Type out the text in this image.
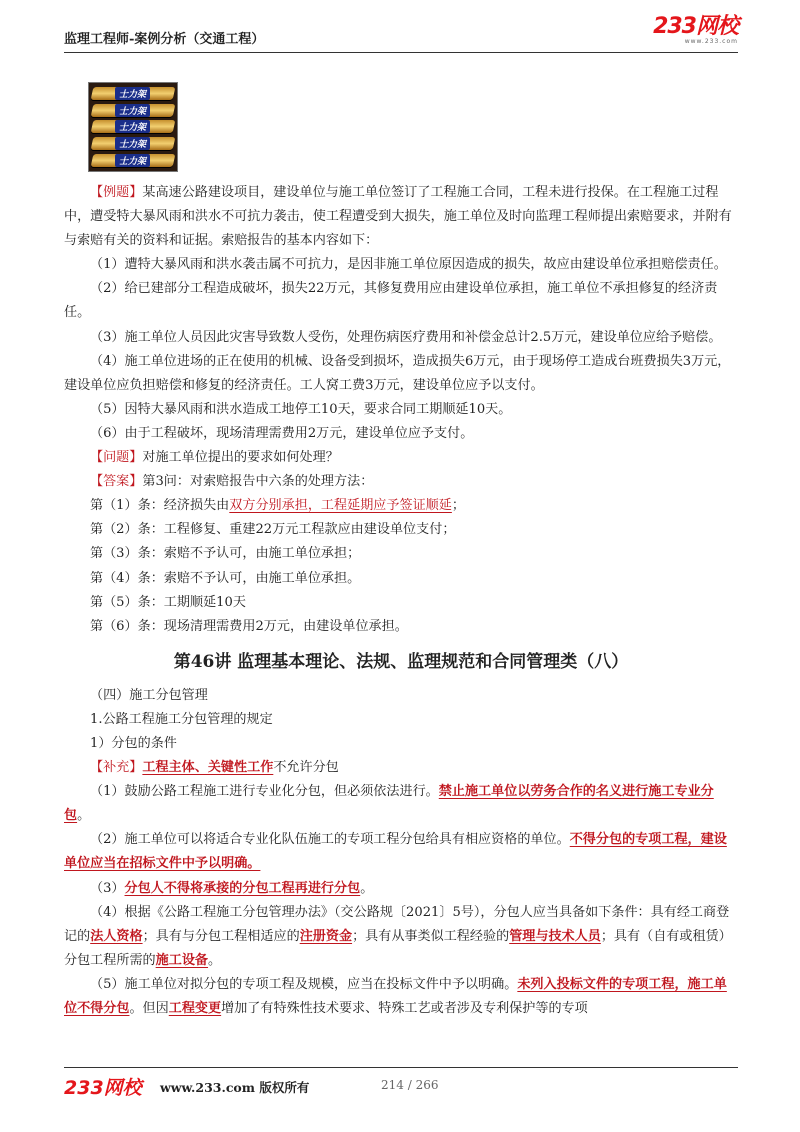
监理工程师-案例分析（交通工程）
233网校
www.233.com
士力架
士力架
士力架
士力架
士力架

【例题】某高速公路建设项目，建设单位与施工单位签订了工程施工合同，工程未进行投保。在工程施工过程中，遭受特大暴风雨和洪水不可抗力袭击，使工程遭受到大损失，施工单位及时向监理工程师提出索赔要求，并附有与索赔有关的资料和证据。索赔报告的基本内容如下：

（1）遭特大暴风雨和洪水袭击属不可抗力，是因非施工单位原因造成的损失，故应由建设单位承担赔偿责任。

（2）给已建部分工程造成破坏，损失22万元，其修复费用应由建设单位承担，施工单位不承担修复的经济责任。

（3）施工单位人员因此灾害导致数人受伤，处理伤病医疗费用和补偿金总计2.5万元，建设单位应给予赔偿。

（4）施工单位进场的正在使用的机械、设备受到损坏，造成损失6万元，由于现场停工造成台班费损失3万元，建设单位应负担赔偿和修复的经济责任。工人窝工费3万元，建设单位应予以支付。

（5）因特大暴风雨和洪水造成工地停工10天，要求合同工期顺延10天。

（6）由于工程破坏，现场清理需费用2万元，建设单位应予支付。

【问题】对施工单位提出的要求如何处理？

【答案】第3问：对索赔报告中六条的处理方法：

第（1）条：经济损失由双方分别承担，工程延期应予签证顺延；

第（2）条：工程修复、重建22万元工程款应由建设单位支付；

第（3）条：索赔不予认可，由施工单位承担；

第（4）条：索赔不予认可，由施工单位承担。

第（5）条：工期顺延10天

第（6）条：现场清理需费用2万元，由建设单位承担。

第46讲 监理基本理论、法规、监理规范和合同管理类（八）

（四）施工分包管理

1.公路工程施工分包管理的规定

1）分包的条件

【补充】工程主体、关键性工作不允许分包

（1）鼓励公路工程施工进行专业化分包，但必须依法进行。禁止施工单位以劳务合作的名义进行施工专业分包。

（2）施工单位可以将适合专业化队伍施工的专项工程分包给具有相应资格的单位。不得分包的专项工程，建设单位应当在招标文件中予以明确。

（3）分包人不得将承接的分包工程再进行分包。

（4）根据《公路工程施工分包管理办法》（交公路规〔2021〕5号），分包人应当具备如下条件：具有经工商登记的法人资格；具有与分包工程相适应的注册资金；具有从事类似工程经验的管理与技术人员；具有（自有或租赁）分包工程所需的施工设备。

（5）施工单位对拟分包的专项工程及规模，应当在投标文件中予以明确。未列入投标文件的专项工程，施工单位不得分包。但因工程变更增加了有特殊性技术要求、特殊工艺或者涉及专利保护等的专项

233网校 www.233.com 版权所有	214 / 266
